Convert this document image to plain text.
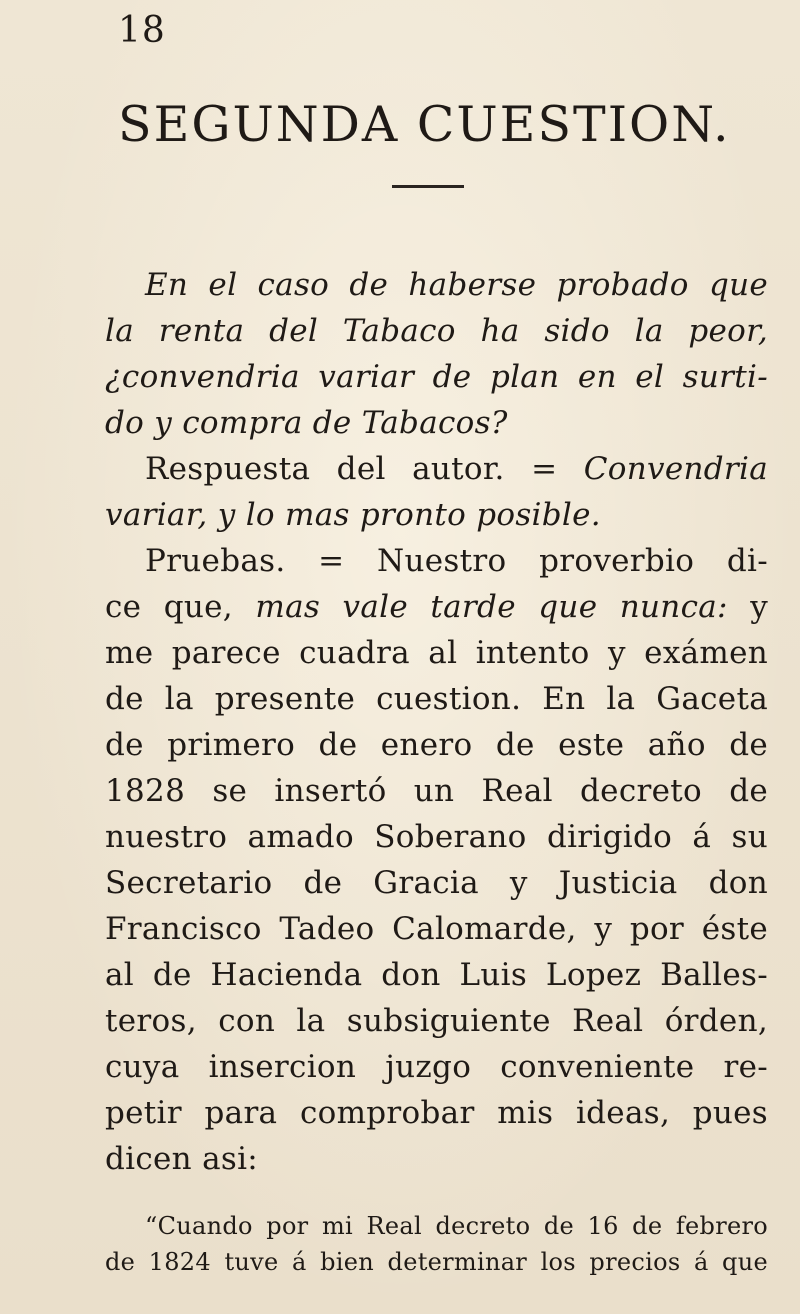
18
SEGUNDA CUESTION.
En el caso de haberse probado que
la renta del Tabaco ha sido la peor,
¿convendria variar de plan en el surti-
do y compra de Tabacos?
Respuesta del autor. = Convendria
variar, y lo mas pronto posible.
Pruebas. = Nuestro proverbio di-
ce que, mas vale tarde que nunca: y
me parece cuadra al intento y exámen
de la presente cuestion. En la Gaceta
de primero de enero de este año de
1828 se insertó un Real decreto de
nuestro amado Soberano dirigido á su
Secretario de Gracia y Justicia don
Francisco Tadeo Calomarde, y por éste
al de Hacienda don Luis Lopez Balles-
teros, con la subsiguiente Real órden,
cuya insercion juzgo conveniente re-
petir para comprobar mis ideas, pues
dicen asi:
“Cuando por mi Real decreto de 16 de febrero
de 1824 tuve á bien determinar los precios á que
